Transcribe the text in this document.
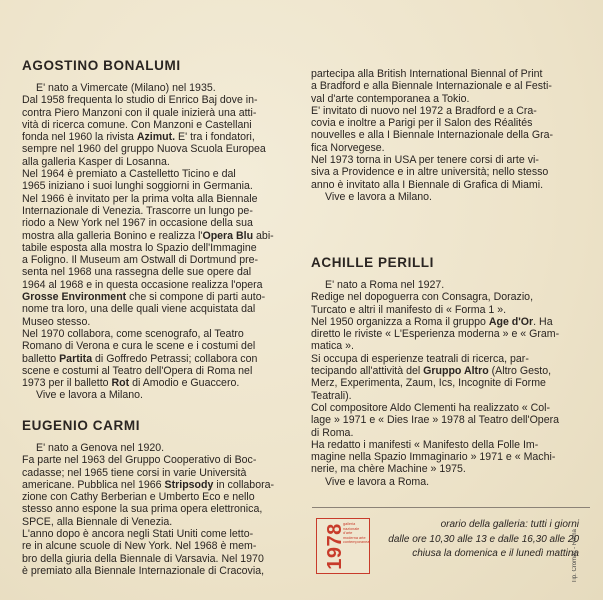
AGOSTINO BONALUMI
E' nato a Vimercate (Milano) nel 1935.
Dal 1958 frequenta lo studio di Enrico Baj dove in-
contra Piero Manzoni con il quale inizierà una atti-
vità di ricerca comune. Con Manzoni e Castellani
fonda nel 1960 la rivista Azimut. E' tra i fondatori,
sempre nel 1960 del gruppo Nuova Scuola Europea
alla galleria Kasper di Losanna.
Nel 1964 è premiato a Castelletto Ticino e dal
1965 iniziano i suoi lunghi soggiorni in Germania.
Nel 1966 è invitato per la prima volta alla Biennale
Internazionale di Venezia. Trascorre un lungo pe-
riodo a New York nel 1967 in occasione della sua
mostra alla galleria Bonino e realizza l'Opera Blu abi-
tabile esposta alla mostra lo Spazio dell'Immagine
a Foligno. Il Museum am Ostwall di Dortmund pre-
senta nel 1968 una rassegna delle sue opere dal
1964 al 1968 e in questa occasione realizza l'opera
Grosse Environment che si compone di parti auto-
nome tra loro, una delle quali viene acquistata dal
Museo stesso.
Nel 1970 collabora, come scenografo, al Teatro
Romano di Verona e cura le scene e i costumi del
balletto Partita di Goffredo Petrassi; collabora con
scene e costumi al Teatro dell'Opera di Roma nel
1973 per il balletto Rot di Amodio e Guaccero.
Vive e lavora a Milano.
EUGENIO CARMI
E' nato a Genova nel 1920.
Fa parte nel 1963 del Gruppo Cooperativo di Boc-
cadasse; nel 1965 tiene corsi in varie Università
americane. Pubblica nel 1966 Stripsody in collabora-
zione con Cathy Berberian e Umberto Eco e nello
stesso anno espone la sua prima opera elettronica,
SPCE, alla Biennale di Venezia.
L'anno dopo è ancora negli Stati Uniti come letto-
re in alcune scuole di New York. Nel 1968 è mem-
bro della giuria della Biennale di Varsavia. Nel 1970
è premiato alla Biennale Internazionale di Cracovia,
partecipa alla British International Biennal of Print
a Bradford e alla Biennale Internazionale e al Festi-
val d'arte contemporanea a Tokio.
E' invitato di nuovo nel 1972 a Bradford e a Cra-
covia e inoltre a Parigi per il Salon des Réalités
nouvelles e alla I Biennale Internazionale della Gra-
fica Norvegese.
Nel 1973 torna in USA per tenere corsi di arte vi-
siva a Providence e in altre università; nello stesso
anno è invitato alla I Biennale di Grafica di Miami.
Vive e lavora a Milano.
ACHILLE PERILLI
E' nato a Roma nel 1927.
Redige nel dopoguerra con Consagra, Dorazio,
Turcato e altri il manifesto di « Forma 1 ».
Nel 1950 organizza a Roma il gruppo Age d'Or. Ha
diretto le riviste « L'Esperienza moderna » e « Gram-
matica ».
Si occupa di esperienze teatrali di ricerca, par-
tecipando all'attività del Gruppo Altro (Altro Gesto,
Merz, Experimenta, Zaum, Ics, Incognite di Forme
Teatrali).
Col compositore Aldo Clementi ha realizzato « Col-
lage » 1971 e « Dies Irae » 1978 al Teatro dell'Opera
di Roma.
Ha redatto i manifesti « Manifesto della Folle Im-
magine nella Spazio Immaginario » 1971 e « Machi-
nerie, ma chère Machine » 1975.
Vive e lavora a Roma.
1978
galleria nazionale d'arte moderna arte contemporanea
orario della galleria: tutti i giorni
dalle ore 10,30 alle 13 e dalle 16,30 alle 20
chiusa la domenica e il lunedì mattina
Tip. Cromac - Roma
